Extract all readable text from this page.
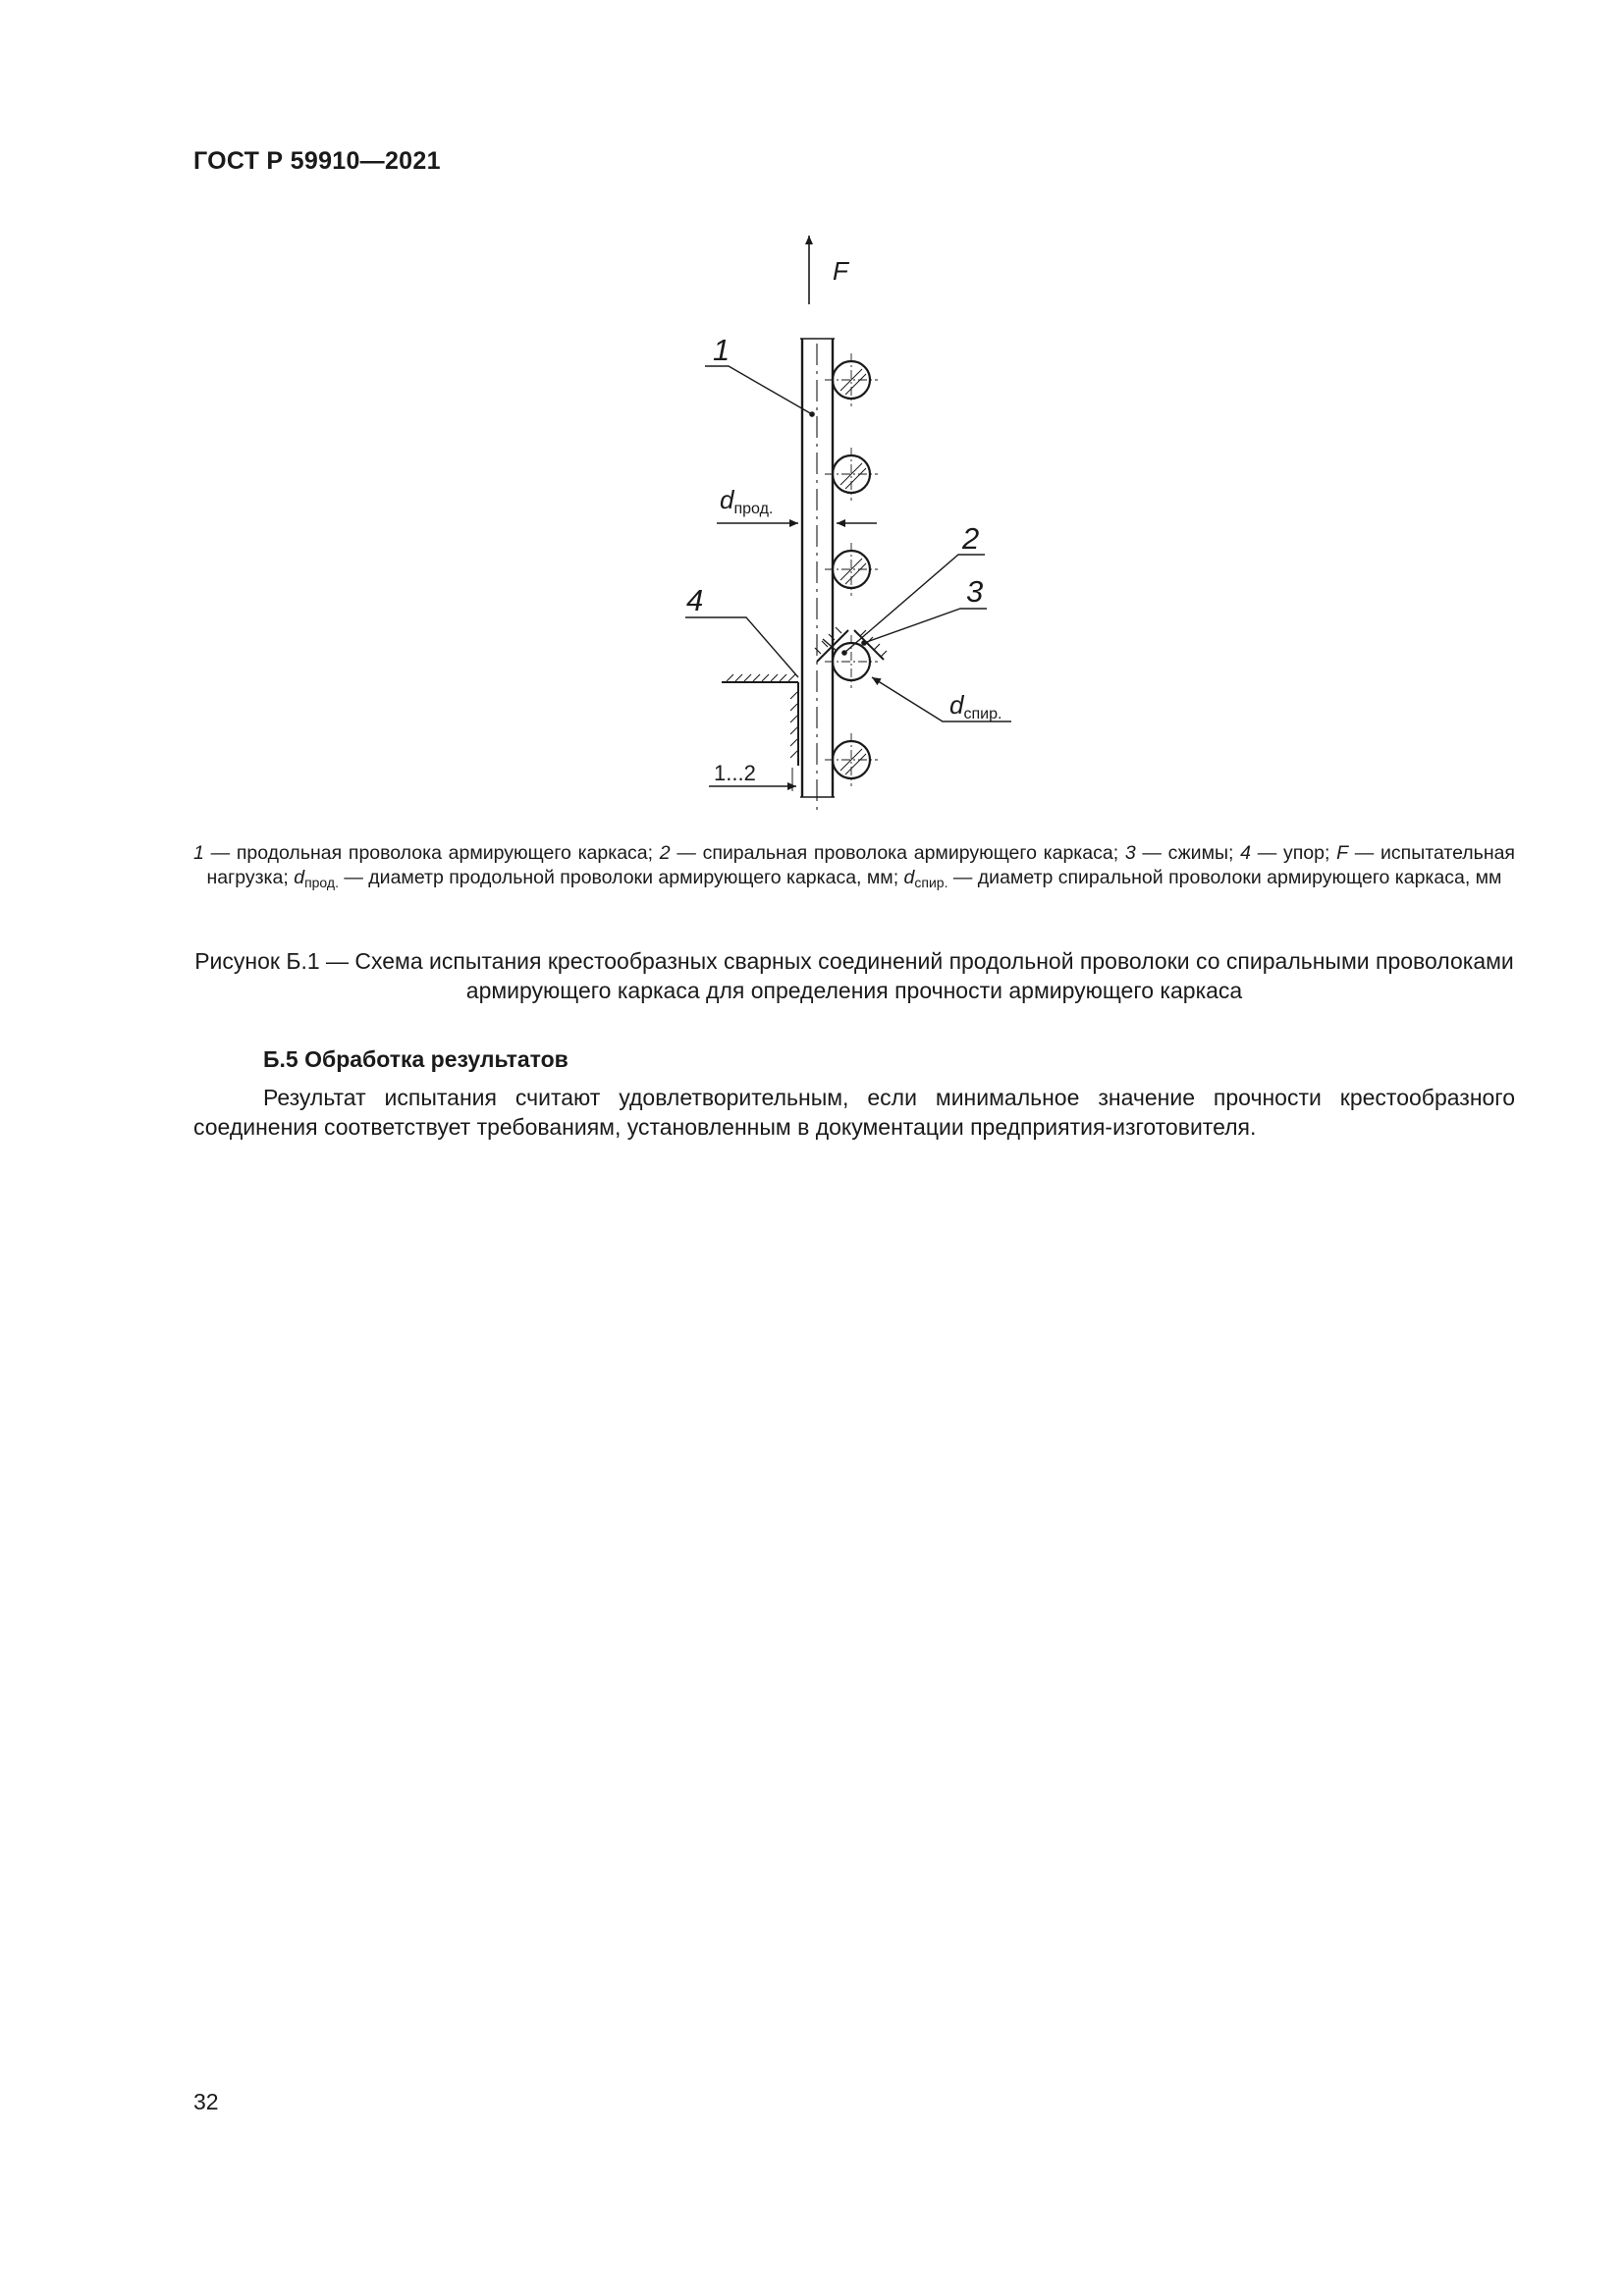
ГОСТ Р 59910—2021
F
1
2
3
4
dпрод.
dспир.
1...2
1 — продольная проволока армирующего каркаса; 2 — спиральная проволока армирующего каркаса; 3 — сжимы; 4 — упор; F — испытательная нагрузка; $d_{прод.}$ — диаметр продольной проволоки армирующего каркаса, мм; $d_{спир.}$ — диаметр спиральной проволоки армирующего каркаса, мм
Рисунок Б.1 — Схема испытания крестообразных сварных соединений продольной проволоки со спиральными проволоками армирующего каркаса для определения прочности армирующего каркаса
Б.5 Обработка результатов
Результат испытания считают удовлетворительным, если минимальное значение прочности крестообразного соединения соответствует требованиям, установленным в документации предприятия-изготовителя.
32
